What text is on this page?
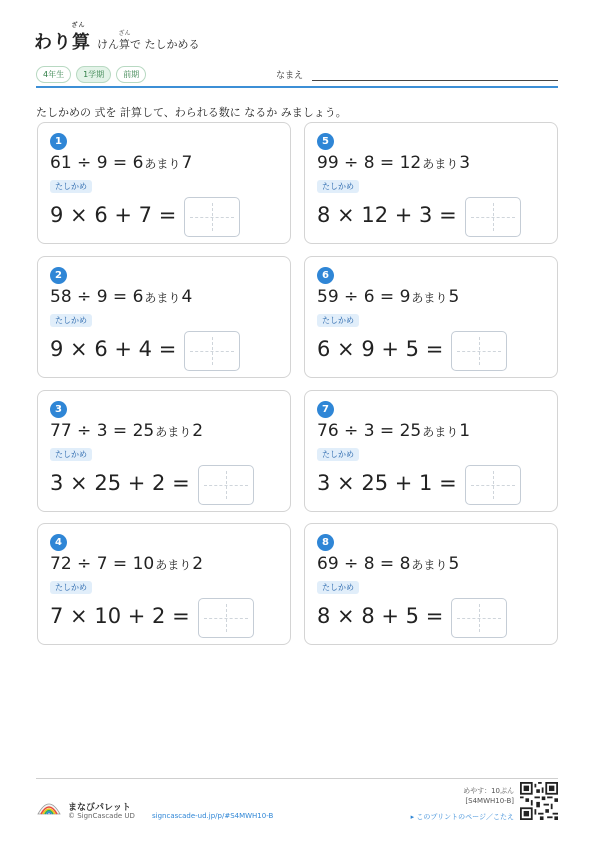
ざん
わり算 けん
ざん
算で たしかめる
4年生	1学期	前期	なまえ
たしかめの 式を 計算して、わられる数に なるか みましょう。
1
61 ÷ 9 = 6 あまり 7
たしかめ
9 × 6 + 7 =
2
58 ÷ 9 = 6 あまり 4
たしかめ
9 × 6 + 4 =
3
77 ÷ 3 = 25 あまり 2
たしかめ
3 × 25 + 2 =
4
72 ÷ 7 = 10 あまり 2
たしかめ
7 × 10 + 2 =
5
99 ÷ 8 = 12 あまり 3
たしかめ
8 × 12 + 3 =
6
59 ÷ 6 = 9 あまり 5
たしかめ
6 × 9 + 5 =
7
76 ÷ 3 = 25 あまり 1
たしかめ
3 × 25 + 1 =
8
69 ÷ 8 = 8 あまり 5
たしかめ
8 × 8 + 5 =
まなびパレット
© SignCascade UD signcascade-ud.jp/p/#S4MWH10-B
めやす：10ぷん
[S4MWH10-B]
▸ このプリントのページ／こたえ
